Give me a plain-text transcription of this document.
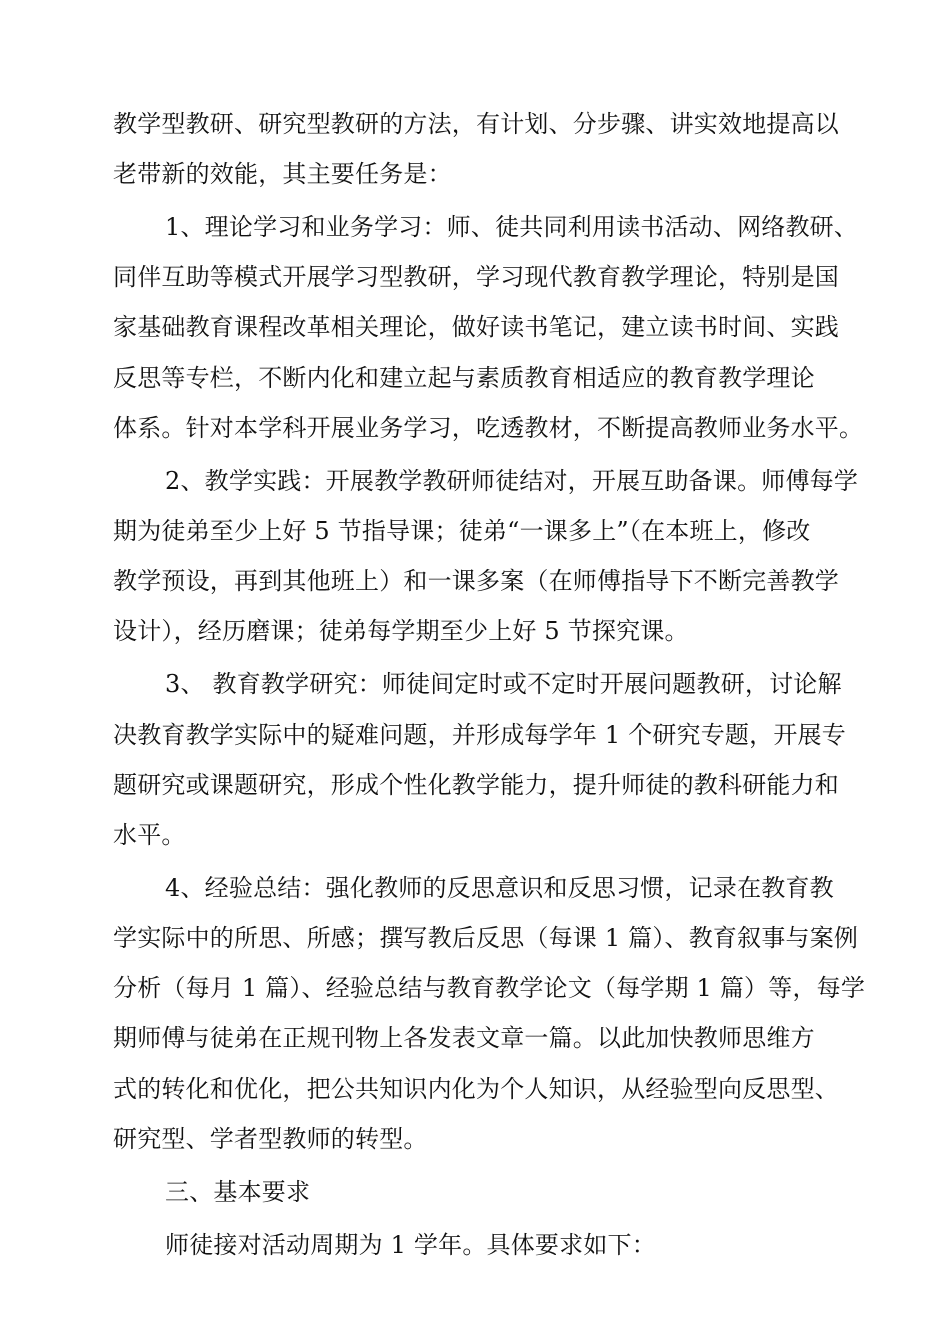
教学型教研、研究型教研的方法，有计划、分步骤、讲实效地提高以
老带新的效能，其主要任务是：
1、理论学习和业务学习：师、徒共同利用读书活动、网络教研、
同伴互助等模式开展学习型教研，学习现代教育教学理论，特别是国
家基础教育课程改革相关理论，做好读书笔记，建立读书时间、实践
反思等专栏，不断内化和建立起与素质教育相适应的教育教学理论
体系。针对本学科开展业务学习，吃透教材，不断提高教师业务水平。
2、教学实践：开展教学教研师徒结对，开展互助备课。师傅每学
期为徒弟至少上好 5 节指导课；徒弟“一课多上”（在本班上，修改
教学预设，再到其他班上）和一课多案（在师傅指导下不断完善教学
设计），经历磨课；徒弟每学期至少上好 5 节探究课。
3、 教育教学研究：师徒间定时或不定时开展问题教研，讨论解
决教育教学实际中的疑难问题，并形成每学年 1 个研究专题，开展专
题研究或课题研究，形成个性化教学能力，提升师徒的教科研能力和
水平。
4、经验总结：强化教师的反思意识和反思习惯，记录在教育教
学实际中的所思、所感；撰写教后反思（每课 1 篇）、教育叙事与案例
分析（每月 1 篇）、经验总结与教育教学论文（每学期 1 篇）等，每学
期师傅与徒弟在正规刊物上各发表文章一篇。以此加快教师思维方
式的转化和优化，把公共知识内化为个人知识，从经验型向反思型、
研究型、学者型教师的转型。
三、基本要求
师徒接对活动周期为 1 学年。具体要求如下：
